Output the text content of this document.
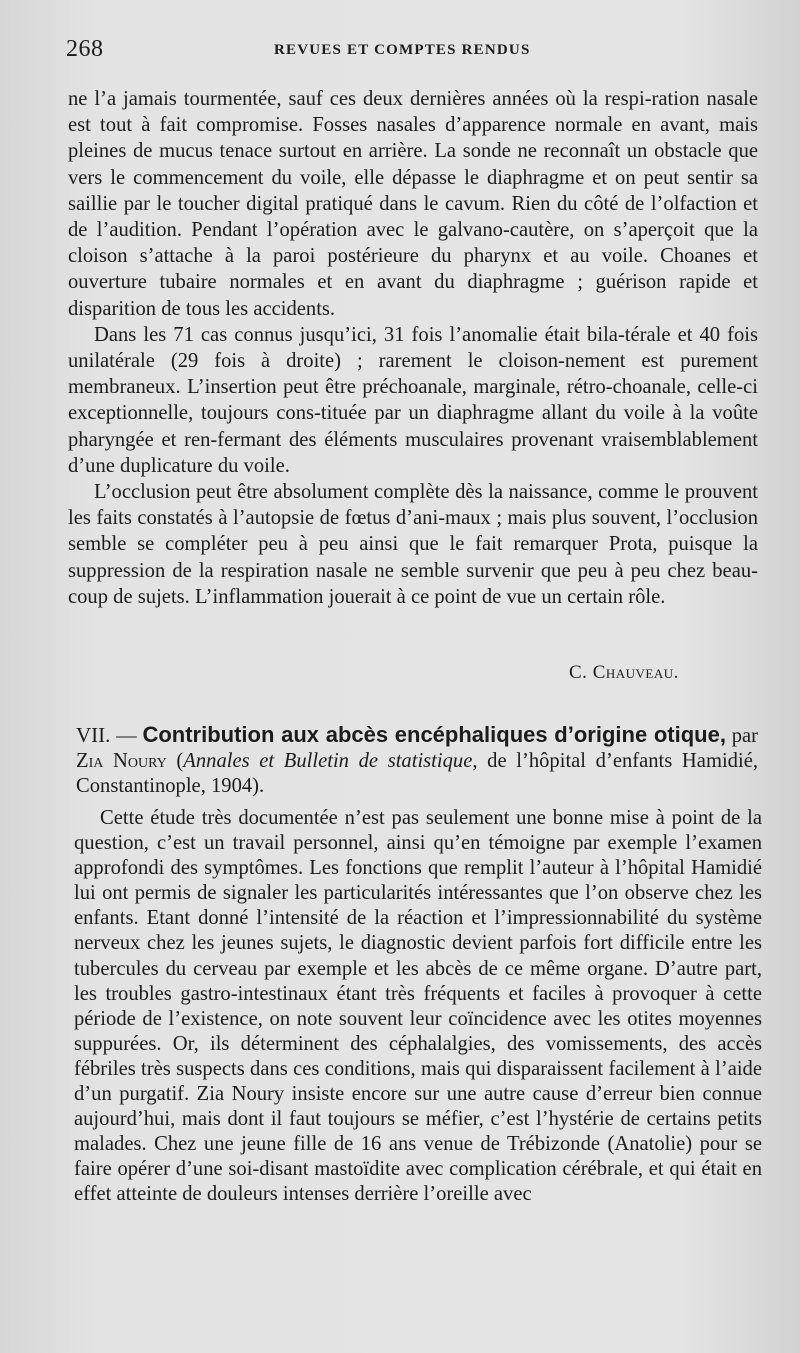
268	REVUES ET COMPTES RENDUS

ne l’a jamais tourmentée, sauf ces deux dernières années où la respi-ration nasale est tout à fait compromise. Fosses nasales d’apparence normale en avant, mais pleines de mucus tenace surtout en arrière. La sonde ne reconnaît un obstacle que vers le commencement du voile, elle dépasse le diaphragme et on peut sentir sa saillie par le toucher digital pratiqué dans le cavum. Rien du côté de l’olfaction et de l’audition. Pendant l’opération avec le galvano-cautère, on s’aperçoit que la cloison s’attache à la paroi postérieure du pharynx et au voile. Choanes et ouverture tubaire normales et en avant du diaphragme ; guérison rapide et disparition de tous les accidents.

Dans les 71 cas connus jusqu’ici, 31 fois l’anomalie était bila-térale et 40 fois unilatérale (29 fois à droite) ; rarement le cloison-nement est purement membraneux. L’insertion peut être préchoanale, marginale, rétro-choanale, celle-ci exceptionnelle, toujours cons-tituée par un diaphragme allant du voile à la voûte pharyngée et ren-fermant des éléments musculaires provenant vraisemblablement d’une duplicature du voile.

L’occlusion peut être absolument complète dès la naissance, comme le prouvent les faits constatés à l’autopsie de fœtus d’ani-maux ; mais plus souvent, l’occlusion semble se compléter peu à peu ainsi que le fait remarquer Prota, puisque la suppression de la respiration nasale ne semble survenir que peu à peu chez beau-coup de sujets. L’inflammation jouerait à ce point de vue un certain rôle.

C. Chauveau.
VII. — Contribution aux abcès encéphaliques d’origine otique, par Zia Noury (Annales et Bulletin de statistique, de l’hôpital d’enfants Hamidié, Constantinople, 1904).

Cette étude très documentée n’est pas seulement une bonne mise à point de la question, c’est un travail personnel, ainsi qu’en témoigne par exemple l’examen approfondi des symptômes. Les fonctions que remplit l’auteur à l’hôpital Hamidié lui ont permis de signaler les particularités intéressantes que l’on observe chez les enfants. Etant donné l’intensité de la réaction et l’impressionnabilité du système nerveux chez les jeunes sujets, le diagnostic devient parfois fort difficile entre les tubercules du cerveau par exemple et les abcès de ce même organe. D’autre part, les troubles gastro-intestinaux étant très fréquents et faciles à provoquer à cette période de l’existence, on note souvent leur coïncidence avec les otites moyennes suppurées. Or, ils déterminent des céphalalgies, des vomissements, des accès fébriles très suspects dans ces conditions, mais qui disparaissent facilement à l’aide d’un purgatif. Zia Noury insiste encore sur une autre cause d’erreur bien connue aujourd’hui, mais dont il faut toujours se méfier, c’est l’hystérie de certains petits malades. Chez une jeune fille de 16 ans venue de Trébizonde (Anatolie) pour se faire opérer d’une soi-disant mastoïdite avec complication cérébrale, et qui était en effet atteinte de douleurs intenses derrière l’oreille avec
